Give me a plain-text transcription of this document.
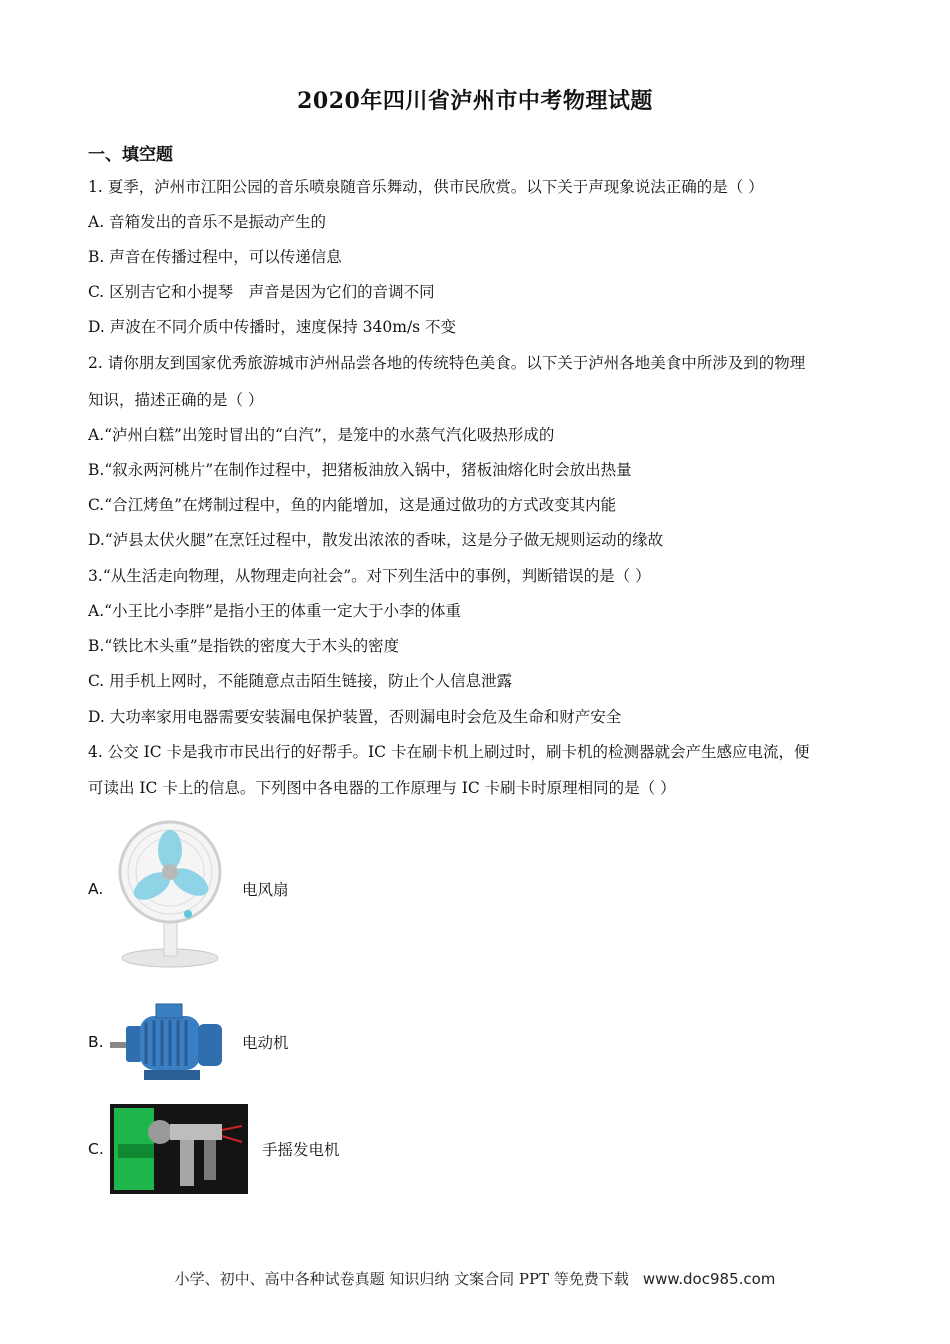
2020年四川省泸州市中考物理试题
一、填空题
1. 夏季，泸州市江阳公园的音乐喷泉随音乐舞动，供市民欣赏。以下关于声现象说法正确的是（ ）
A. 音箱发出的音乐不是振动产生的
B. 声音在传播过程中，可以传递信息
C. 区别吉它和小提琴　声音是因为它们的音调不同
D. 声波在不同介质中传播时，速度保持 340m/s 不变
2. 请你朋友到国家优秀旅游城市泸州品尝各地的传统特色美食。以下关于泸州各地美食中所涉及到的物理
知识，描述正确的是（ ）
A.“泸州白糕”出笼时冒出的“白汽”，是笼中的水蒸气汽化吸热形成的
B.“叙永两河桃片”在制作过程中，把猪板油放入锅中，猪板油熔化时会放出热量
C.“合江烤鱼”在烤制过程中，鱼的内能增加，这是通过做功的方式改变其内能
D.“泸县太伏火腿”在烹饪过程中，散发出浓浓的香味，这是分子做无规则运动的缘故
3.“从生活走向物理，从物理走向社会”。对下列生活中的事例，判断错误的是（ ）
A.“小王比小李胖”是指小王的体重一定大于小李的体重
B.“铁比木头重”是指铁的密度大于木头的密度
C. 用手机上网时，不能随意点击陌生链接，防止个人信息泄露
D. 大功率家用电器需要安装漏电保护装置，否则漏电时会危及生命和财产安全
4. 公交 IC 卡是我市市民出行的好帮手。IC 卡在刷卡机上刷过时，刷卡机的检测器就会产生感应电流，便
可读出 IC 卡上的信息。下列图中各电器的工作原理与 IC 卡刷卡时原理相同的是（ ）
A.	电风扇
B.	电动机
C.	手摇发电机
小学、初中、高中各种试卷真题 知识归纳 文案合同 PPT 等免费下载 www.doc985.com
